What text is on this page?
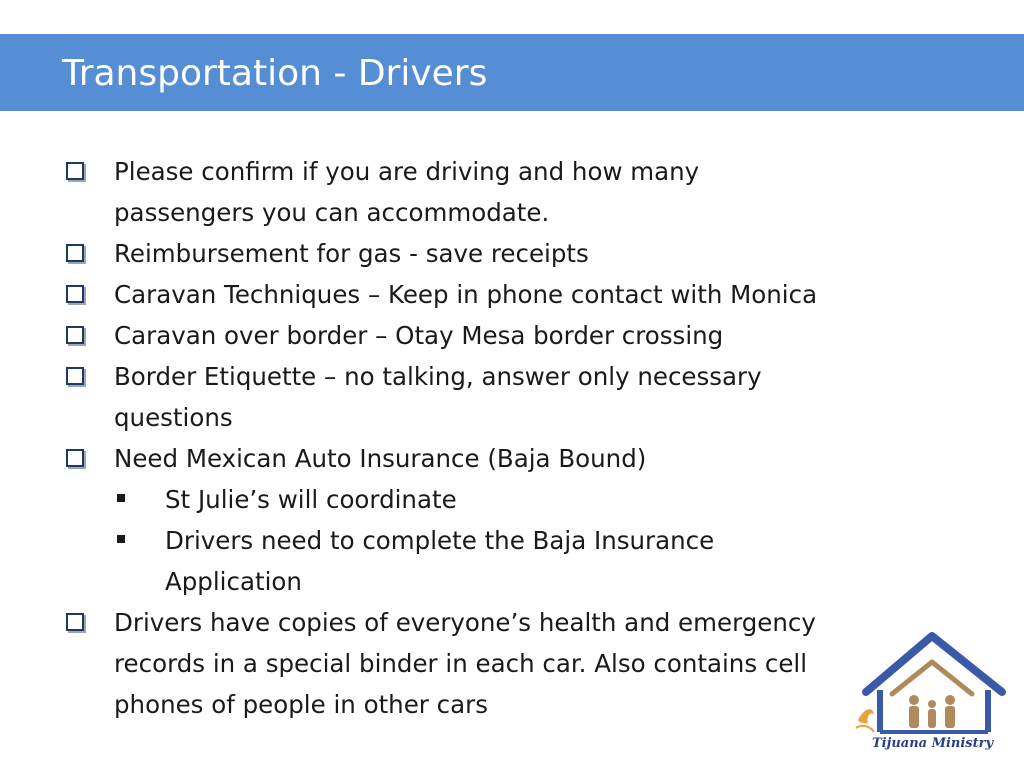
Transportation - Drivers
Please confirm if you are driving and how many
passengers you can accommodate.
Reimbursement for gas - save receipts
Caravan Techniques – Keep in phone contact with Monica
Caravan over border – Otay Mesa border crossing
Border Etiquette – no talking, answer only necessary
questions
Need Mexican Auto Insurance (Baja Bound)
St Julie’s will coordinate
Drivers need to complete the Baja Insurance
Application
Drivers have copies of everyone’s health and emergency
records in a special binder in each car. Also contains cell
phones of people in other cars
Tijuana Ministry
